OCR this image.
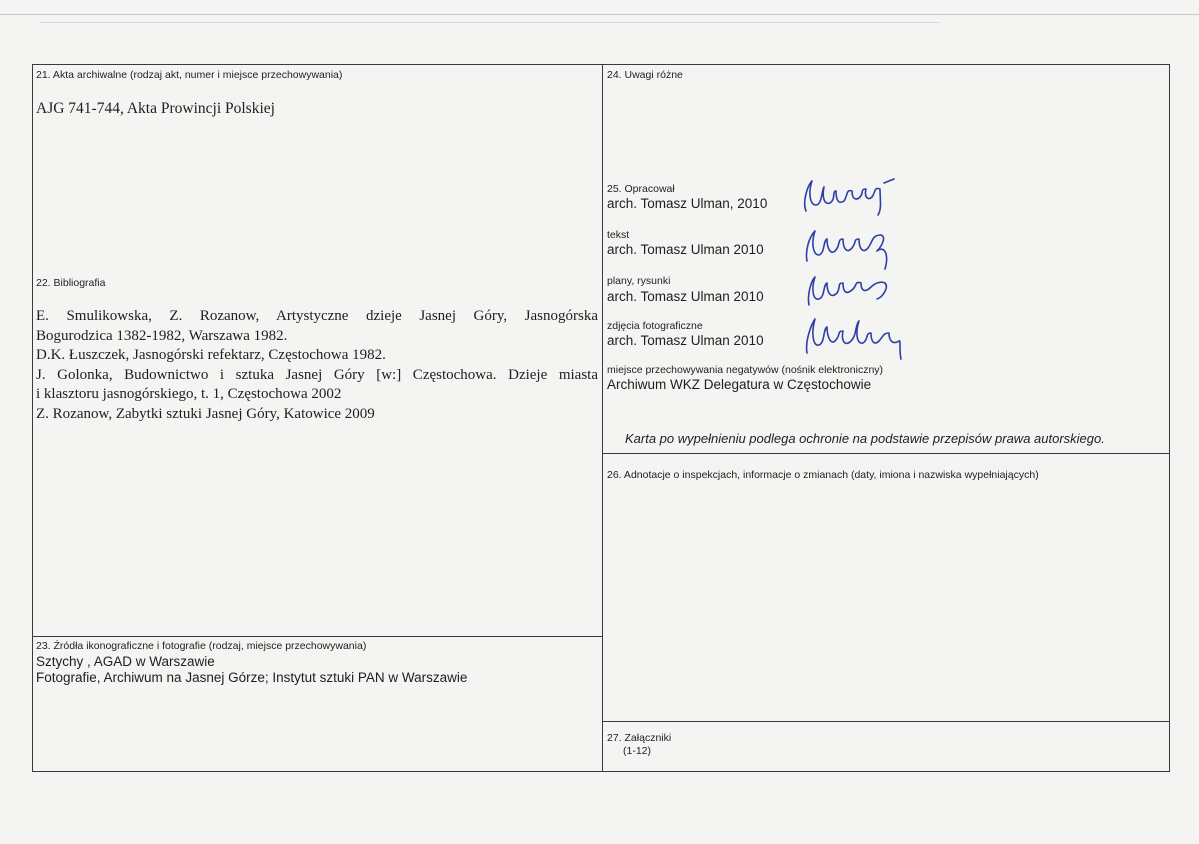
21. Akta archiwalne (rodzaj akt, numer i miejsce przechowywania)
AJG 741-744, Akta Prowincji Polskiej
22. Bibliografia
E. Smulikowska, Z. Rozanow, Artystyczne dzieje Jasnej Góry, Jasnogórska
Bogurodzica 1382-1982, Warszawa 1982.
D.K. Łuszczek, Jasnogórski refektarz, Częstochowa 1982.
J. Golonka, Budownictwo i sztuka Jasnej Góry [w:] Częstochowa. Dzieje miasta
i klasztoru jasnogórskiego, t. 1, Częstochowa 2002
Z. Rozanow, Zabytki sztuki Jasnej Góry, Katowice 2009
23. Źródła ikonograficzne i fotografie (rodzaj, miejsce przechowywania)
Sztychy , AGAD w Warszawie
Fotografie, Archiwum na Jasnej Górze; Instytut sztuki PAN w Warszawie
24. Uwagi różne
25. Opracował
arch. Tomasz Ulman, 2010
tekst
arch. Tomasz Ulman 2010
plany, rysunki
arch. Tomasz Ulman 2010
zdjęcia fotograficzne
arch. Tomasz Ulman 2010
miejsce przechowywania negatywów (nośnik elektroniczny)
Archiwum WKZ Delegatura w Częstochowie
Karta po wypełnieniu podlega ochronie na podstawie przepisów prawa autorskiego.
26. Adnotacje o inspekcjach, informacje o zmianach (daty, imiona i nazwiska wypełniających)
27. Załączniki
(1-12)
